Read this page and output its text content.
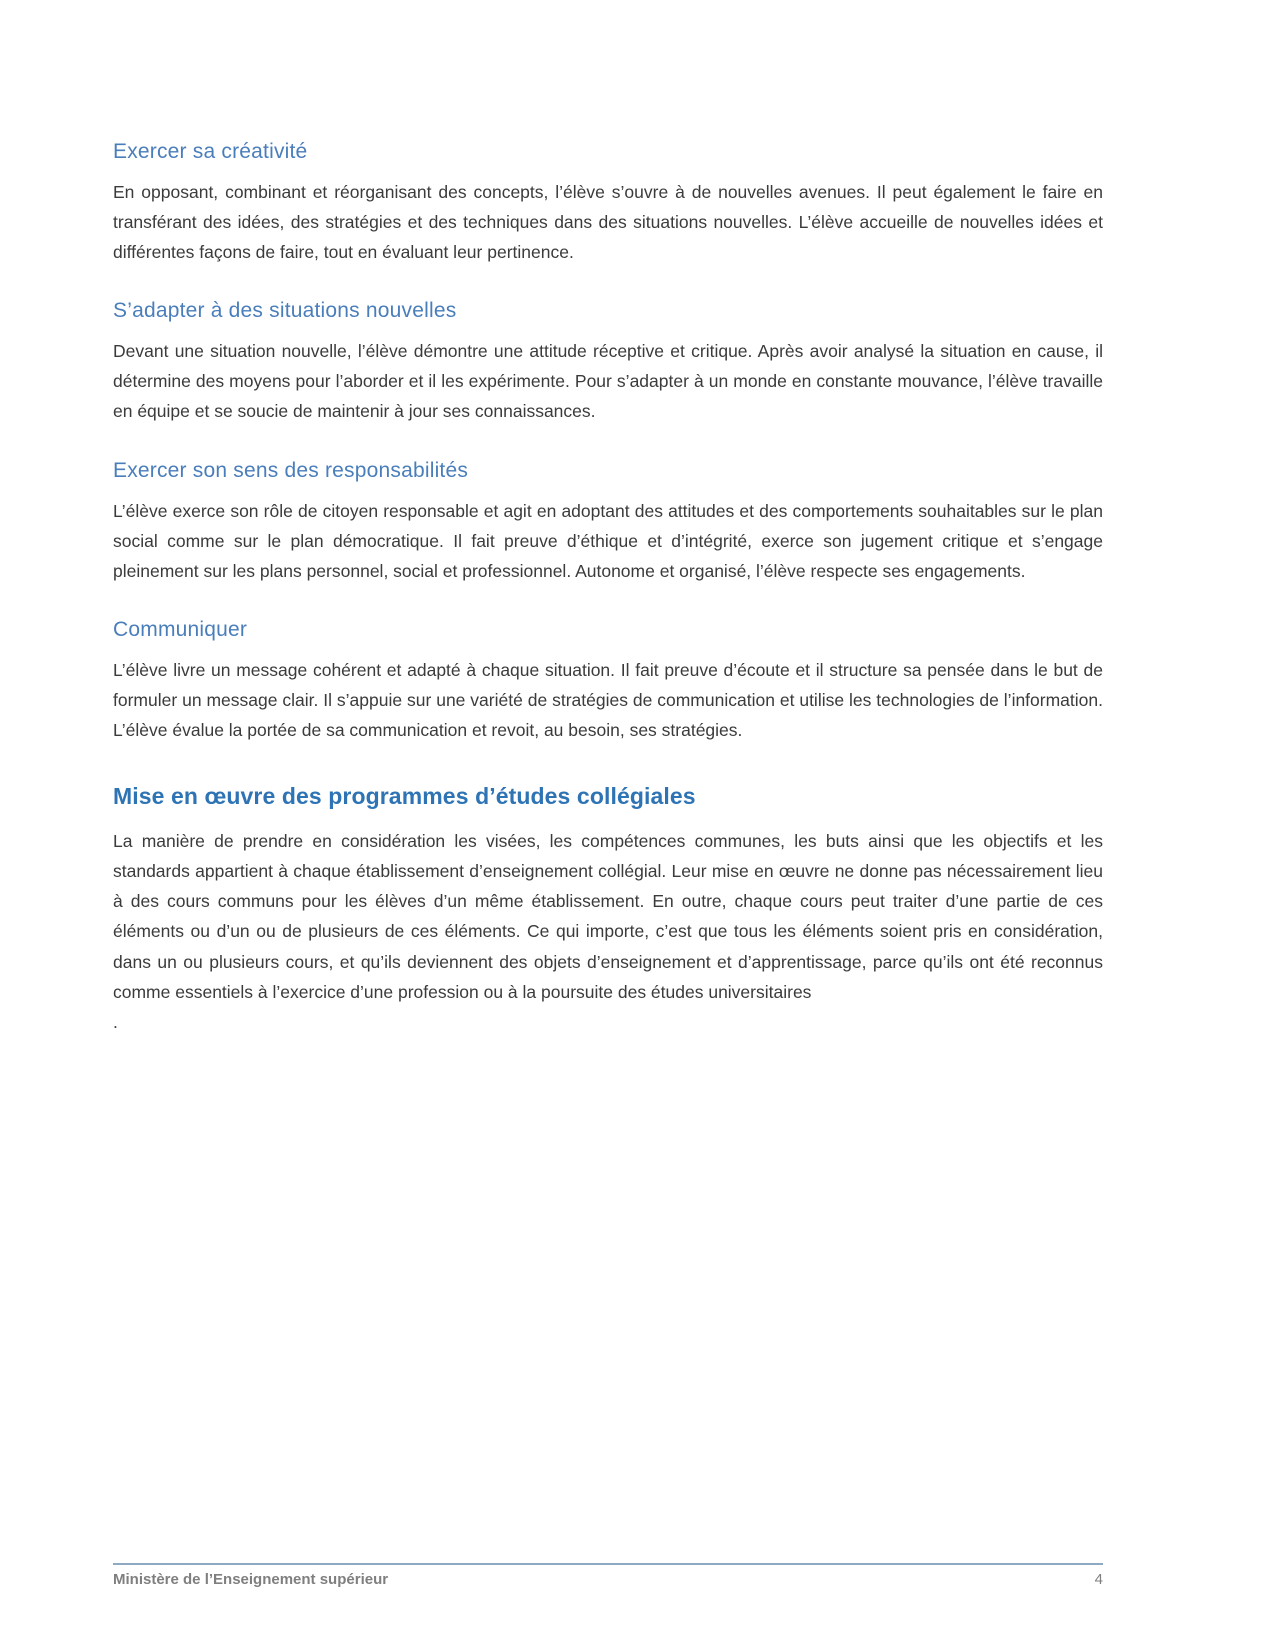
Exercer sa créativité

En opposant, combinant et réorganisant des concepts, l’élève s’ouvre à de nouvelles avenues. Il peut également le faire en transférant des idées, des stratégies et des techniques dans des situations nouvelles. L’élève accueille de nouvelles idées et différentes façons de faire, tout en évaluant leur pertinence.

S’adapter à des situations nouvelles

Devant une situation nouvelle, l’élève démontre une attitude réceptive et critique. Après avoir analysé la situation en cause, il détermine des moyens pour l’aborder et il les expérimente. Pour s’adapter à un monde en constante mouvance, l’élève travaille en équipe et se soucie de maintenir à jour ses connaissances.

Exercer son sens des responsabilités

L’élève exerce son rôle de citoyen responsable et agit en adoptant des attitudes et des comportements souhaitables sur le plan social comme sur le plan démocratique. Il fait preuve d’éthique et d’intégrité, exerce son jugement critique et s’engage pleinement sur les plans personnel, social et professionnel. Autonome et organisé, l’élève respecte ses engagements.

Communiquer

L’élève livre un message cohérent et adapté à chaque situation. Il fait preuve d’écoute et il structure sa pensée dans le but de formuler un message clair. Il s’appuie sur une variété de stratégies de communication et utilise les technologies de l’information. L’élève évalue la portée de sa communication et revoit, au besoin, ses stratégies.

Mise en œuvre des programmes d’études collégiales

La manière de prendre en considération les visées, les compétences communes, les buts ainsi que les objectifs et les standards appartient à chaque établissement d’enseignement collégial. Leur mise en œuvre ne donne pas nécessairement lieu à des cours communs pour les élèves d’un même établissement. En outre, chaque cours peut traiter d’une partie de ces éléments ou d’un ou de plusieurs de ces éléments. Ce qui importe, c’est que tous les éléments soient pris en considération, dans un ou plusieurs cours, et qu’ils deviennent des objets d’enseignement et d’apprentissage, parce qu’ils ont été reconnus comme essentiels à l’exercice d’une profession ou à la poursuite des études universitaires

.

Ministère de l’Enseignement supérieur	4
